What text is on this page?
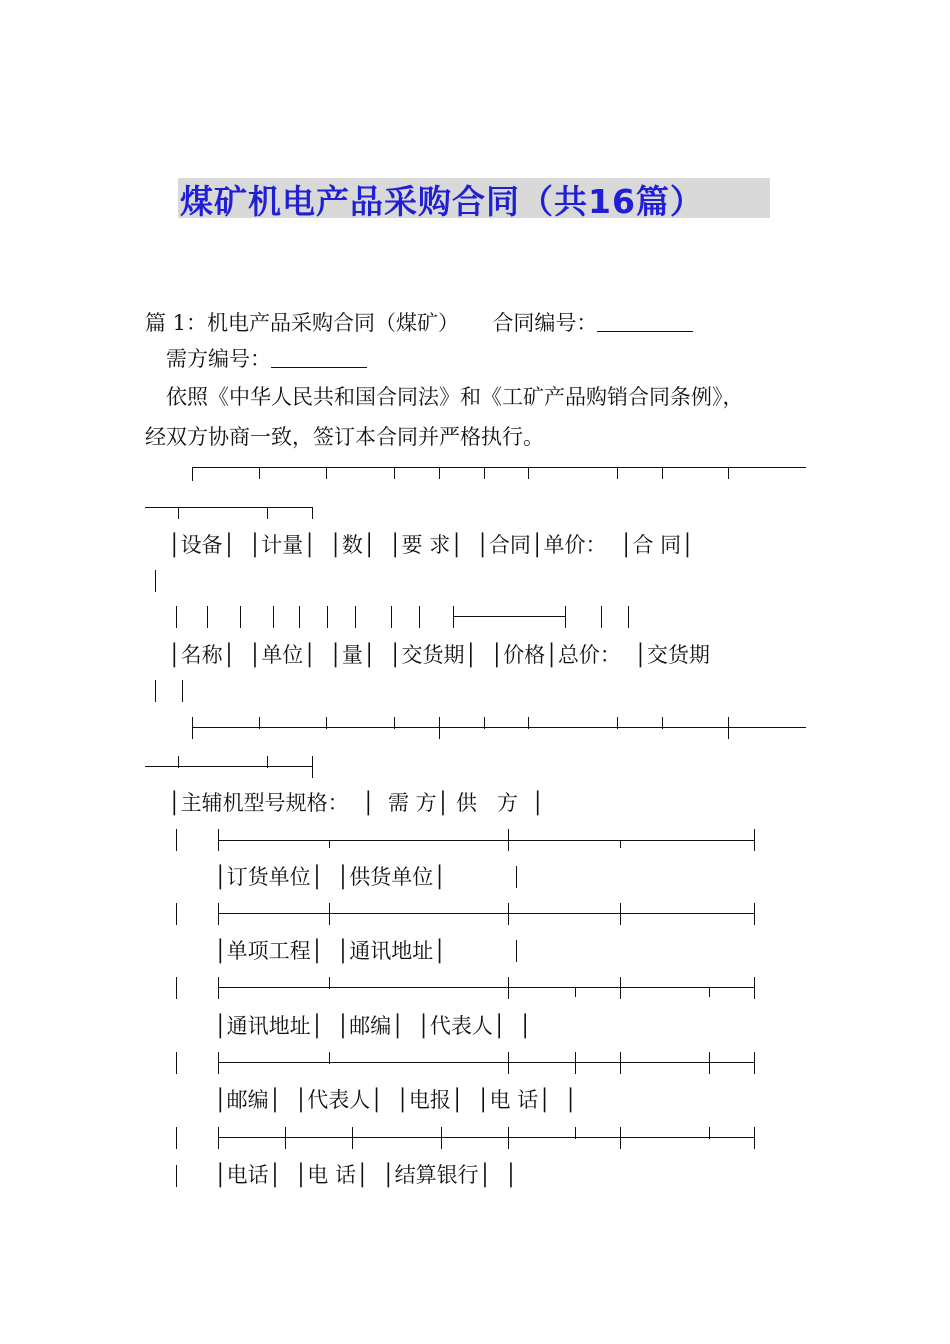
煤矿机电产品采购合同（共16篇）
篇 1：机电产品采购合同（煤矿） 合同编号：
需方编号：
依照《中华人民共和国合同法》和《工矿产品购销合同条例》，
经双方协商一致，签订本合同并严格执行。
│设备│  │计量│  │数│  │要 求│  │合同│单价：  │合 同│
│名称│  │单位│  │量│  │交货期│  │价格│总价：  │交货期
│主辅机型号规格：  │  需 方│ 供   方  │
│订货单位│  │供货单位│
│单项工程│  │通讯地址│
│通讯地址│  │邮编│  │代表人│  │
│邮编│  │代表人│  │电报│  │电 话│  │
│电话│  │电 话│  │结算银行│  │
